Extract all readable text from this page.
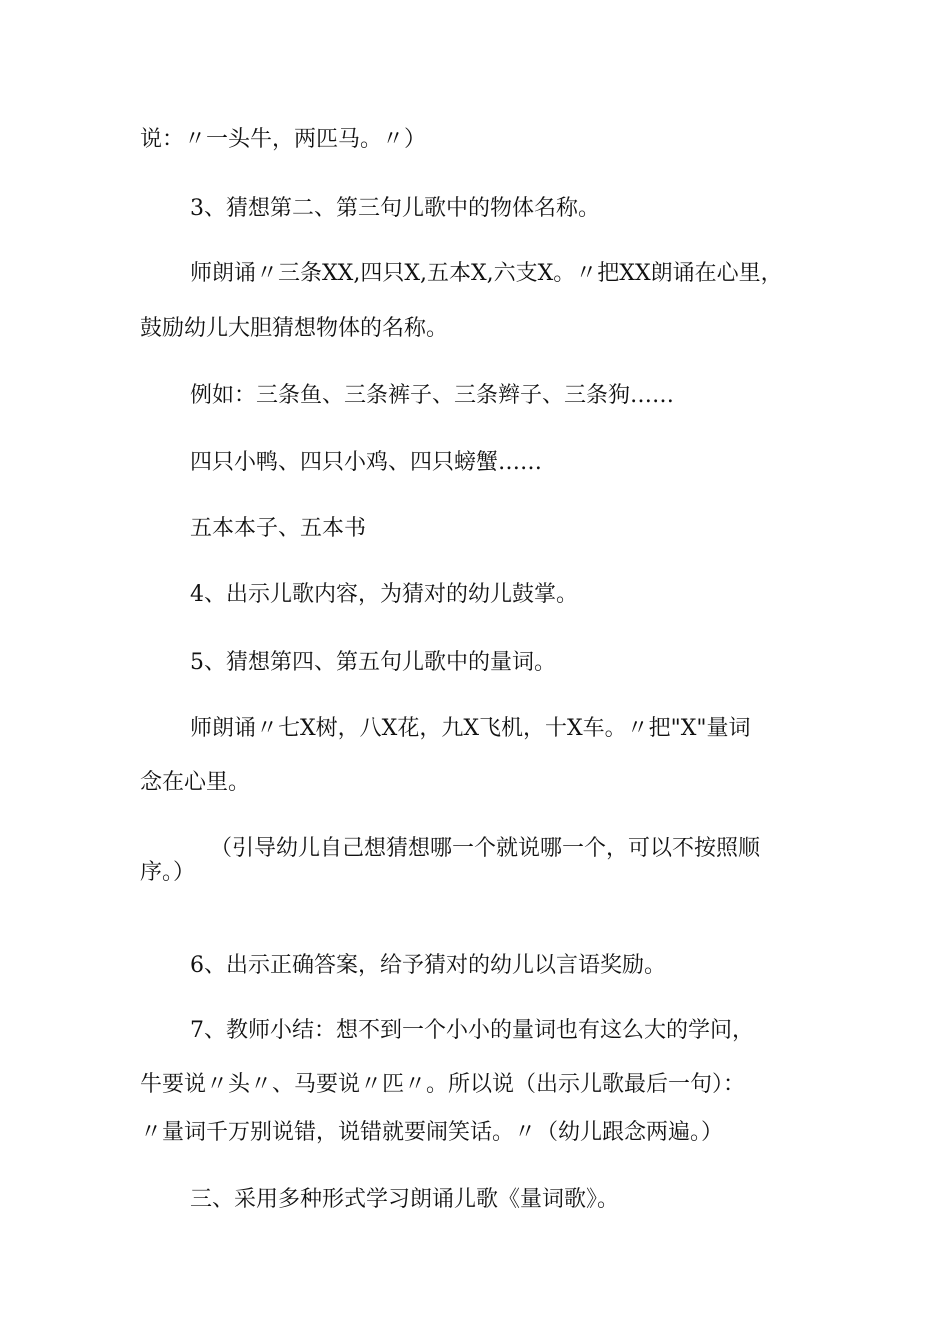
说：〃一头牛，两匹马。〃）
3、猜想第二、第三句儿歌中的物体名称。
师朗诵〃三条XX,四只X,五本X,六支X。〃把XX朗诵在心里，
鼓励幼儿大胆猜想物体的名称。
例如：三条鱼、三条裤子、三条辫子、三条狗……
四只小鸭、四只小鸡、四只螃蟹……
五本本子、五本书
4、出示儿歌内容，为猜对的幼儿鼓掌。
5、猜想第四、第五句儿歌中的量词。
师朗诵〃七X树，八X花，九X飞机，十X车。〃把"X"量词
念在心里。
（引导幼儿自己想猜想哪一个就说哪一个，可以不按照顺
序。）
6、出示正确答案，给予猜对的幼儿以言语奖励。
7、教师小结：想不到一个小小的量词也有这么大的学问，
牛要说〃头〃、马要说〃匹〃。所以说（出示儿歌最后一句）：
〃量词千万别说错，说错就要闹笑话。〃（幼儿跟念两遍。）
三、采用多种形式学习朗诵儿歌《量词歌》。
